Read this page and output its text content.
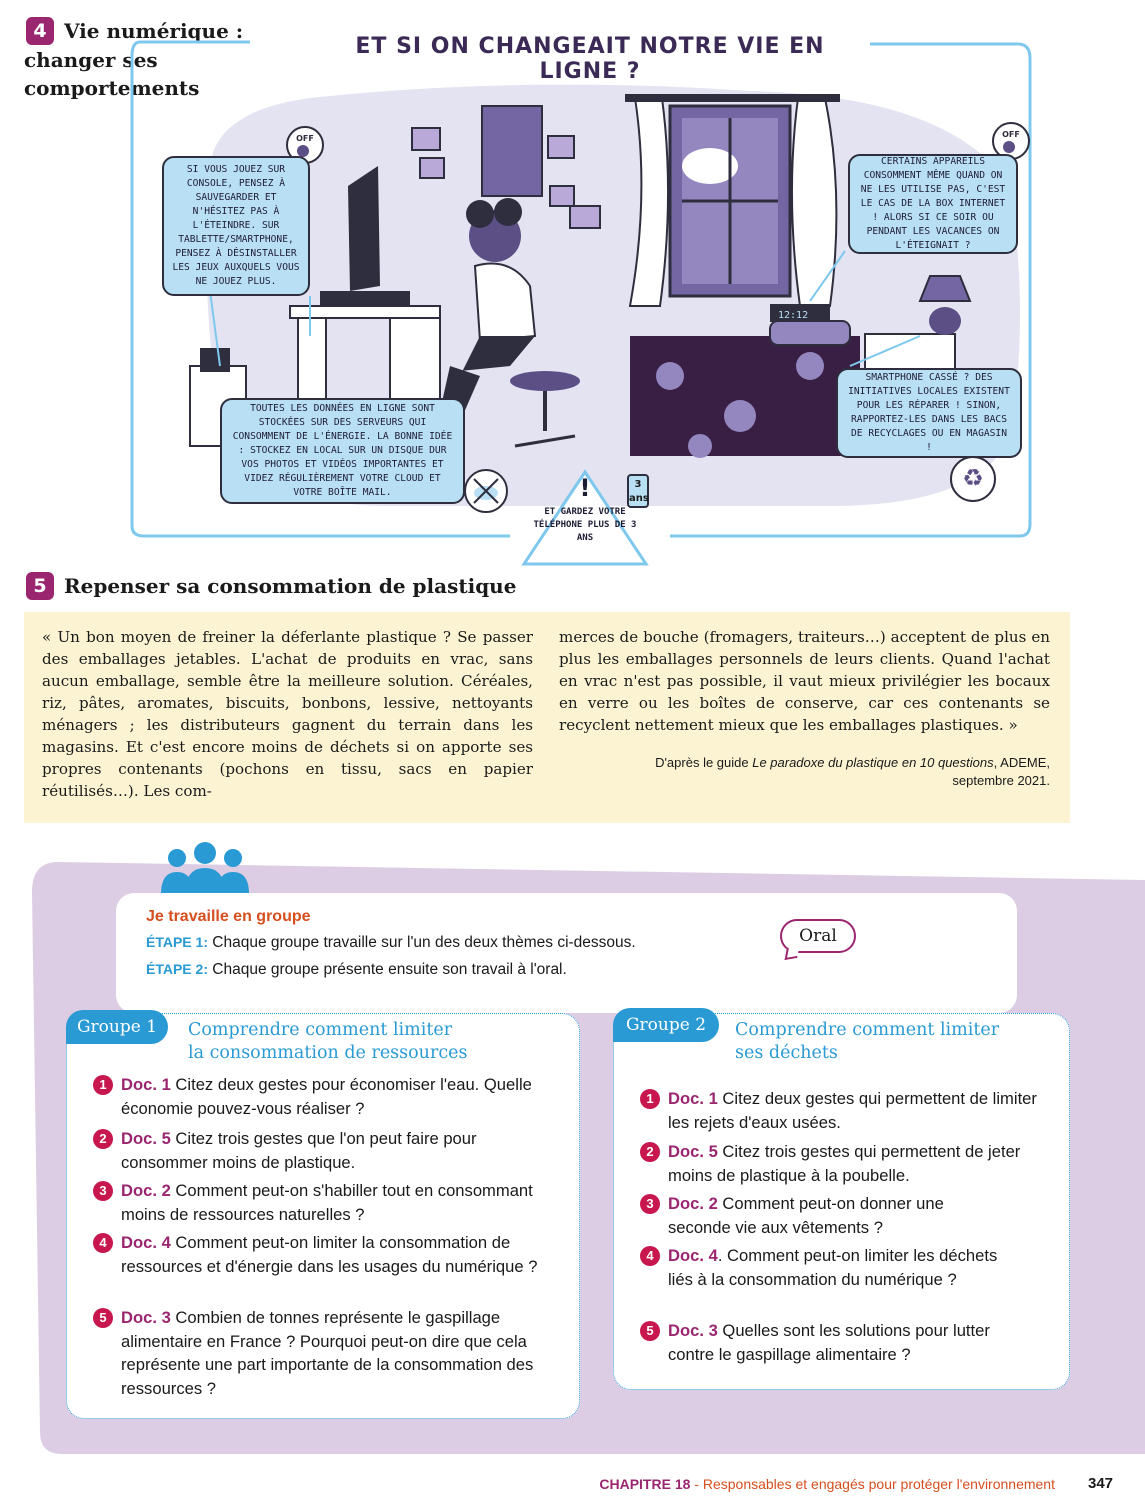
4 Vie numérique :
changer ses
comportements
12:12
ET SI ON CHANGEAIT NOTRE VIE EN LIGNE ?
OFF	OFF
SI VOUS JOUEZ SUR CONSOLE, PENSEZ À SAUVEGARDER ET N'HÉSITEZ PAS À L'ÉTEINDRE. SUR TABLETTE/SMARTPHONE, PENSEZ À DÉSINSTALLER LES JEUX AUXQUELS VOUS NE JOUEZ PLUS.
CERTAINS APPAREILS CONSOMMENT MÊME QUAND ON NE LES UTILISE PAS, C'EST LE CAS DE LA BOX INTERNET ! ALORS SI CE SOIR OU PENDANT LES VACANCES ON L'ÉTEIGNAIT ?
TOUTES LES DONNÉES EN LIGNE SONT STOCKÉES SUR DES SERVEURS QUI CONSOMMENT DE L'ÉNERGIE. LA BONNE IDÉE : STOCKEZ EN LOCAL SUR UN DISQUE DUR VOS PHOTOS ET VIDÉOS IMPORTANTES ET VIDEZ RÉGULIÈREMENT VOTRE CLOUD ET VOTRE BOÎTE MAIL.
SMARTPHONE CASSÉ ? DES INITIATIVES LOCALES EXISTENT POUR LES RÉPARER ! SINON, RAPPORTEZ-LES DANS LES BACS DE RECYCLAGES OU EN MAGASIN !
!
ET GARDEZ VOTRE TÉLÉPHONE PLUS DE 3 ANS
3 ans
♻
5 Repenser sa consommation de plastique
« Un bon moyen de freiner la déferlante plastique ? Se passer des emballages jetables. L'achat de produits en vrac, sans aucun emballage, semble être la meilleure solution. Céréales, riz, pâtes, aromates, biscuits, bonbons, lessive, nettoyants ménagers ; les distributeurs gagnent du terrain dans les magasins. Et c'est encore moins de déchets si on apporte ses propres contenants (pochons en tissu, sacs en papier réutilisés…). Les com-
merces de bouche (fromagers, traiteurs…) acceptent de plus en plus les emballages personnels de leurs clients. Quand l'achat en vrac n'est pas possible, il vaut mieux privilégier les bocaux en verre ou les boîtes de conserve, car ces contenants se recyclent nettement mieux que les emballages plastiques. »
D'après le guide Le paradoxe du plastique en 10 questions, ADEME,
septembre 2021.
Je travaille en groupe
ÉTAPE 1: Chaque groupe travaille sur l'un des deux thèmes ci-dessous.
ÉTAPE 2: Chaque groupe présente ensuite son travail à l'oral.
Oral
Groupe 1	Comprendre comment limiter
la consommation de ressources
1 Doc. 1 Citez deux gestes pour économiser l'eau. Quelle économie pouvez-vous réaliser ?
2 Doc. 5 Citez trois gestes que l'on peut faire pour consommer moins de plastique.
3 Doc. 2 Comment peut-on s'habiller tout en consommant moins de ressources naturelles ?
4 Doc. 4 Comment peut-on limiter la consommation de ressources et d'énergie dans les usages du numérique ?
5 Doc. 3 Combien de tonnes représente le gaspillage alimentaire en France ? Pourquoi peut-on dire que cela représente une part importante de la consommation des ressources ?
Groupe 2	Comprendre comment limiter
ses déchets
1 Doc. 1 Citez deux gestes qui permettent de limiter les rejets d'eaux usées.
2 Doc. 5 Citez trois gestes qui permettent de jeter moins de plastique à la poubelle.
3 Doc. 2 Comment peut-on donner une seconde vie aux vêtements ?
4 Doc. 4. Comment peut-on limiter les déchets liés à la consommation du numérique ?
5 Doc. 3 Quelles sont les solutions pour lutter contre le gaspillage alimentaire ?
CHAPITRE 18 - Responsables et engagés pour protéger l'environnement 347
